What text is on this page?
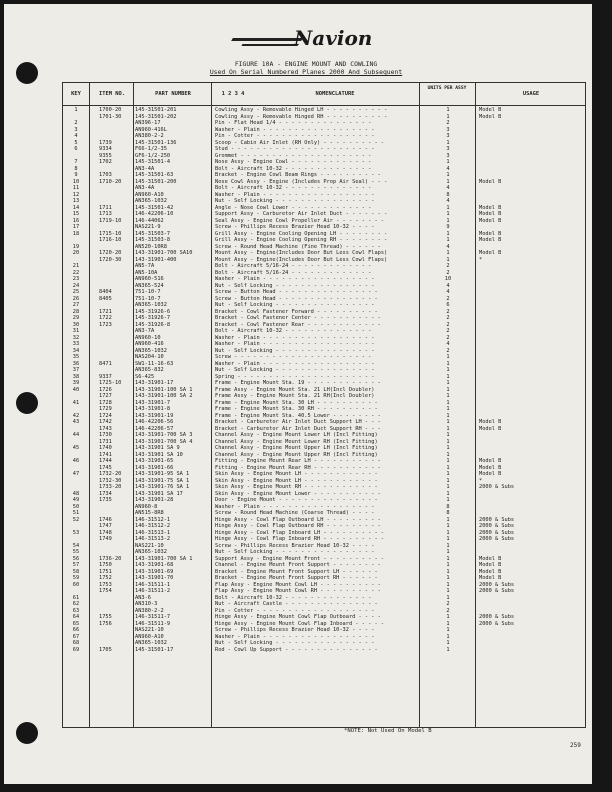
Navion
FIGURE 10A - ENGINE MOUNT AND COWLING
Used On Serial Numbered Planes 2000 And Subsequent
KEY	ITEM NO.	PART NUMBER	1 2 3 4	NOMENCLATURE
UNITS PER ASSY
USAGE
1	1700-20	145-31501-201	Cowling Assy - Removable Hinged LH - - - - - - - - - -	1	Model B
1701-30	145-31501-202	Cowling Assy - Removable Hinged RH - - - - - - - - - -	1	Model B
2	AN396-17	Pin - Flat Head 1/4 - - - - - - - - - - - - - - -	2
3	AN960-416L	Washer - Plain - - - - - - - - - - - - - - - - - -	3
4	AN380-2-2	Pin - Cotter - - - - - - - - - - - - - - - - - - -	3
5	1739	145-31501-136	Scoop - Cabin Air Inlet (RH Only) - - - - - - - - - -	1
6	9334	F66-1/2-35	Stud - - - - - - - - - - - - - - - - - - - - - - -	3
9355	GF6-1/2-250	Grommet - - - - - - - - - - - - - - - - - - - - -	3
7	1702	145-31501-4	Nose Assy - Engine Cowl - - - - - - - - - - - - -	1
8	AN3-4A	Bolt - Aircraft 10-32 - - - - - - - - - - - - - -	4
9	1703	145-31501-63	Bracket - Engine Cowl Beam Rings - - - - - - - - - -	1
10	1710-20	145-31501-200	Nose Cowl Assy - Engine (Includes Prop Air Seal) - - -	1	Model B
11	AN3-4A	Bolt - Aircraft 10-32 - - - - - - - - - - - - - -	4
12	AN960-A10	Washer - Plain - - - - - - - - - - - - - - - - - -	8
13	AN365-1032	Nut - Self Locking - - - - - - - - - - - - - - - -	4
14	1711	145-31501-42	Angle - Nose Cowl Lower - - - - - - - - - - - - -	1	Model B
15	1713	146-42206-10	Support Assy - Carburetor Air Inlet Duct - - - - - - -	1	Model B
16	1719-10	146-44062	Seal Assy - Engine Cowl Propeller Air - - - - - - - -	1	Model B
17	NAS221-9	Screw - Phillips Recess Brazier Head 10-32 - - - -	9
18	1715-10	145-31503-7	Grill Assy - Engine Cooling Opening LH - - - - - - - -	1	Model B
1716-10	145-31503-8	Grill Assy - Engine Cooling Opening RH - - - - - - - -	1	Model B
19	AN520-10R8	Screw - Round Head Machine (Fine Thread) - - - - - -	4
20	1720-20	143-31901-700 SA10	Mount Assy - Engine(Includes Door But Less Cowl Flaps)	1	Model B
1720-30	143-31901-400	Mount Assy - Engine(Includes Door But Less Cowl Flaps)	1	*
21	AN5-7A	Bolt - Aircraft 5/16-24 - - - - - - - - - - - - -	2
22	AN5-10A	Bolt - Aircraft 5/16-24 - - - - - - - - - - - - -	2
23	AN960-516	Washer - Plain - - - - - - - - - - - - - - - - - -	10
24	AN365-524	Nut - Self Locking - - - - - - - - - - - - - - - -	4
25	8404	751-10-7	Screw - Button Head - - - - - - - - - - - - - - - -	4
26	8405	751-10-7	Screw - Button Head - - - - - - - - - - - - - - - -	2
27	AN365-1032	Nut - Self Locking - - - - - - - - - - - - - - - -	6
28	1721	145-31926-6	Bracket - Cowl Fastener Forward - - - - - - - - - -	2
29	1722	145-31926-7	Bracket - Cowl Fastener Center - - - - - - - - - - -	2
30	1723	145-31926-8	Bracket - Cowl Fastener Rear - - - - - - - - - - - -	2
31	AN3-7A	Bolt - Aircraft 10-32 - - - - - - - - - - - - - -	2
32	AN960-10	Washer - Plain - - - - - - - - - - - - - - - - - -	2
33	AN960-416	Washer - Plain - - - - - - - - - - - - - - - - - -	4
34	AN365-1032	Nut - Self Locking - - - - - - - - - - - - - - - -	2
35	NAS204-10	Screw - - - - - - - - - - - - - - - - - - - - - -	1
36	8471	SW1-11-16-63	Washer - Plain - - - - - - - - - - - - - - - - - -	1
37	AN365-832	Nut - Self Locking - - - - - - - - - - - - - - - -	1
38	9337	S6-425	Spring - - - - - - - - - - - - - - - - - - - - - -	1
39	1725-10	143-31901-17	Frame - Engine Mount Sta. 19 - - - - - - - - - - - -	1
40	1726	143-31901-100 SA 1	Frame Assy - Engine Mount Sta. 21 LH(Incl Doubler)	1
1727	143-31901-100 SA 2	Frame Assy - Engine Mount Sta. 21 RH(Incl Doubler)	1
41	1728	143-31901-7	Frame - Engine Mount Sta. 30 LH - - - - - - - - - -	1
1729	143-31901-8	Frame - Engine Mount Sta. 30 RH - - - - - - - - - -	1
42	1724	143-31901-19	Frame - Engine Mount Sta. 40.5 Lower - - - - - - - -	1
43	1742	146-42206-56	Bracket - Carburetor Air Inlet Duct Support LH - - -	1	Model B
1743	146-42206-57	Bracket - Carburetor Air Inlet Duct Support RH - - -	1	Model B
44	1730	143-31901-700 SA 3	Channel Assy - Engine Mount Lower LH (Incl Fitting)	1
1731	143-31901-700 SA 4	Channel Assy - Engine Mount Lower RH (Incl Fitting)	1
45	1740	143-31901 SA 9	Channel Assy - Engine Mount Upper LH (Incl Fitting)	1
1741	143-31901 SA 10	Channel Assy - Engine Mount Upper RH (Incl Fitting)	1
46	1744	143-31901-65	Fitting - Engine Mount Rear LH - - - - - - - - - - -	1	Model B
1745	143-31901-66	Fitting - Engine Mount Rear RH - - - - - - - - - - -	1	Model B
47	1732-20	143-31901-95 SA 1	Skin Assy - Engine Mount LH - - - - - - - - - - - -	1	Model B
1732-30	143-31901-75 SA 1	Skin Assy - Engine Mount LH - - - - - - - - - - - -	1	*
1733-20	143-31901-76 SA 1	Skin Assy - Engine Mount RH - - - - - - - - - - - -	1	2000 & Subs
48	1734	143-31901 SA 17	Skin Assy - Engine Mount Lower - - - - - - - - - - -	1
49	1735	143-31901-28	Door - Engine Mount - - - - - - - - - - - - - - - -	1
50	AN960-8	Washer - Plain - - - - - - - - - - - - - - - - - -	8
51	AN515-8R8	Screw - Round Head Machine (Coarse Thread) - - - -	8
52	1746	146-31512-1	Hinge Assy - Cowl Flap Outboard LH - - - - - - - - -	1	2000 & Subs
1747	146-31512-2	Hinge Assy - Cowl Flap Outboard RH - - - - - - - - -	1	2000 & Subs
53	1748	146-31513-1	Hinge Assy - Cowl Flap Inboard LH - - - - - - - - - -	1	2000 & Subs
1749	146-31513-2	Hinge Assy - Cowl Flap Inboard RH - - - - - - - - - -	1	2000 & Subs
54	NAS221-10	Screw - Phillips Recess Brazier Head 10-32 - - - -	1
55	AN365-1032	Nut - Self Locking - - - - - - - - - - - - - - - -	1
56	1736-20	143-31901-700 SA 1	Support Assy - Engine Mount Front - - - - - - - - - -	1	Model B
57	1750	143-31901-68	Channel - Engine Mount Front Support - - - - - - - -	1	Model B
58	1751	143-31901-69	Bracket - Engine Mount Front Support LH - - - - - -	1	Model B
59	1752	143-31901-70	Bracket - Engine Mount Front Support RH - - - - - -	1	Model B
60	1753	146-31511-1	Flap Assy - Engine Mount Cowl LH - - - - - - - - - -	1	2000 & Subs
1754	146-31511-2	Flap Assy - Engine Mount Cowl RH - - - - - - - - - -	1	2000 & Subs
61	AN3-6	Bolt - Aircraft 10-32 - - - - - - - - - - - - - -	1
62	AN310-3	Nut - Aircraft Castle - - - - - - - - - - - - - - -	2
63	AN380-2-2	Pin - Cotter - - - - - - - - - - - - - - - - - - -	2
64	1755	146-31511-7	Hinge Assy - Engine Mount Cowl Flap Outboard - - - -	1	2000 & Subs
65	1756	146-31511-9	Hinge Assy - Engine Mount Cowl Flap Inboard - - - - -	1	2000 & Subs
66	NAS221-10	Screw - Phillips Recess Brazier Head 10-32 - - - -	1
67	AN960-A10	Washer - Plain - - - - - - - - - - - - - - - - - -	1
68	AN365-1032	Nut - Self Locking - - - - - - - - - - - - - - - -	1
69	1705	145-31501-17	Rod - Cowl Up Support - - - - - - - - - - - - - - -	1
*NOTE: Not Used On Model B
259
